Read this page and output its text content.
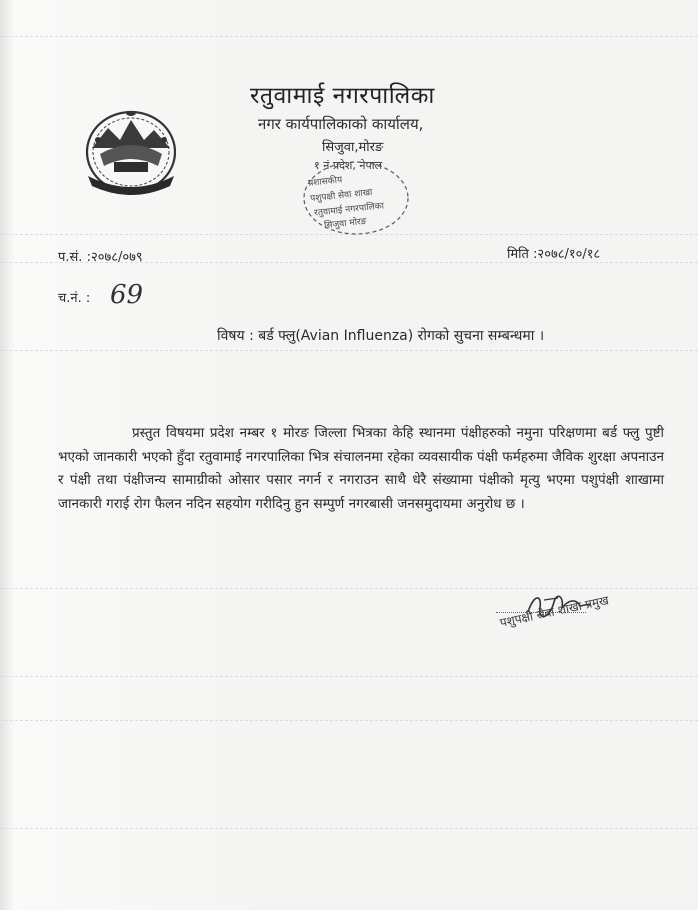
रतुवामाई नगरपालिका
नगर कार्यपालिकाको कार्यालय,
सिजुवा,मोरङ
१ नं प्रदेश, नेपाल
प्रशासकीय
पशुपक्षी सेवा शाखा
रतुवामाई नगरपालिका
सिजुवा मोरङ
प.सं. :२०७८/०७९	मिति :२०७८/१०/१८
च.नं. : 69
विषय : बर्ड फ्लु(Avian Influenza) रोगको सुचना सम्बन्धमा ।
प्रस्तुत विषयमा प्रदेश नम्बर १ मोरङ जिल्ला भित्रका केहि स्थानमा पंक्षीहरुको नमुना परिक्षणमा बर्ड फ्लु पुष्टी भएको जानकारी भएको हुँदा रतुवामाई नगरपालिका भित्र संचालनमा रहेका व्यवसायीक पंक्षी फर्महरुमा जैविक शुरक्षा अपनाउन र पंक्षी तथा पंक्षीजन्य सामाग्रीको ओसार पसार नगर्न र नगराउन साथै धेरै संख्यामा पंक्षीको मृत्यु भएमा पशुपंक्षी शाखामा जानकारी गराई रोग फैलन नदिन सहयोग गरीदिनु हुन सम्पुर्ण नगरबासी जनसमुदायमा अनुरोध छ ।
पशुपक्षी सेवा शाखा प्रमुख
